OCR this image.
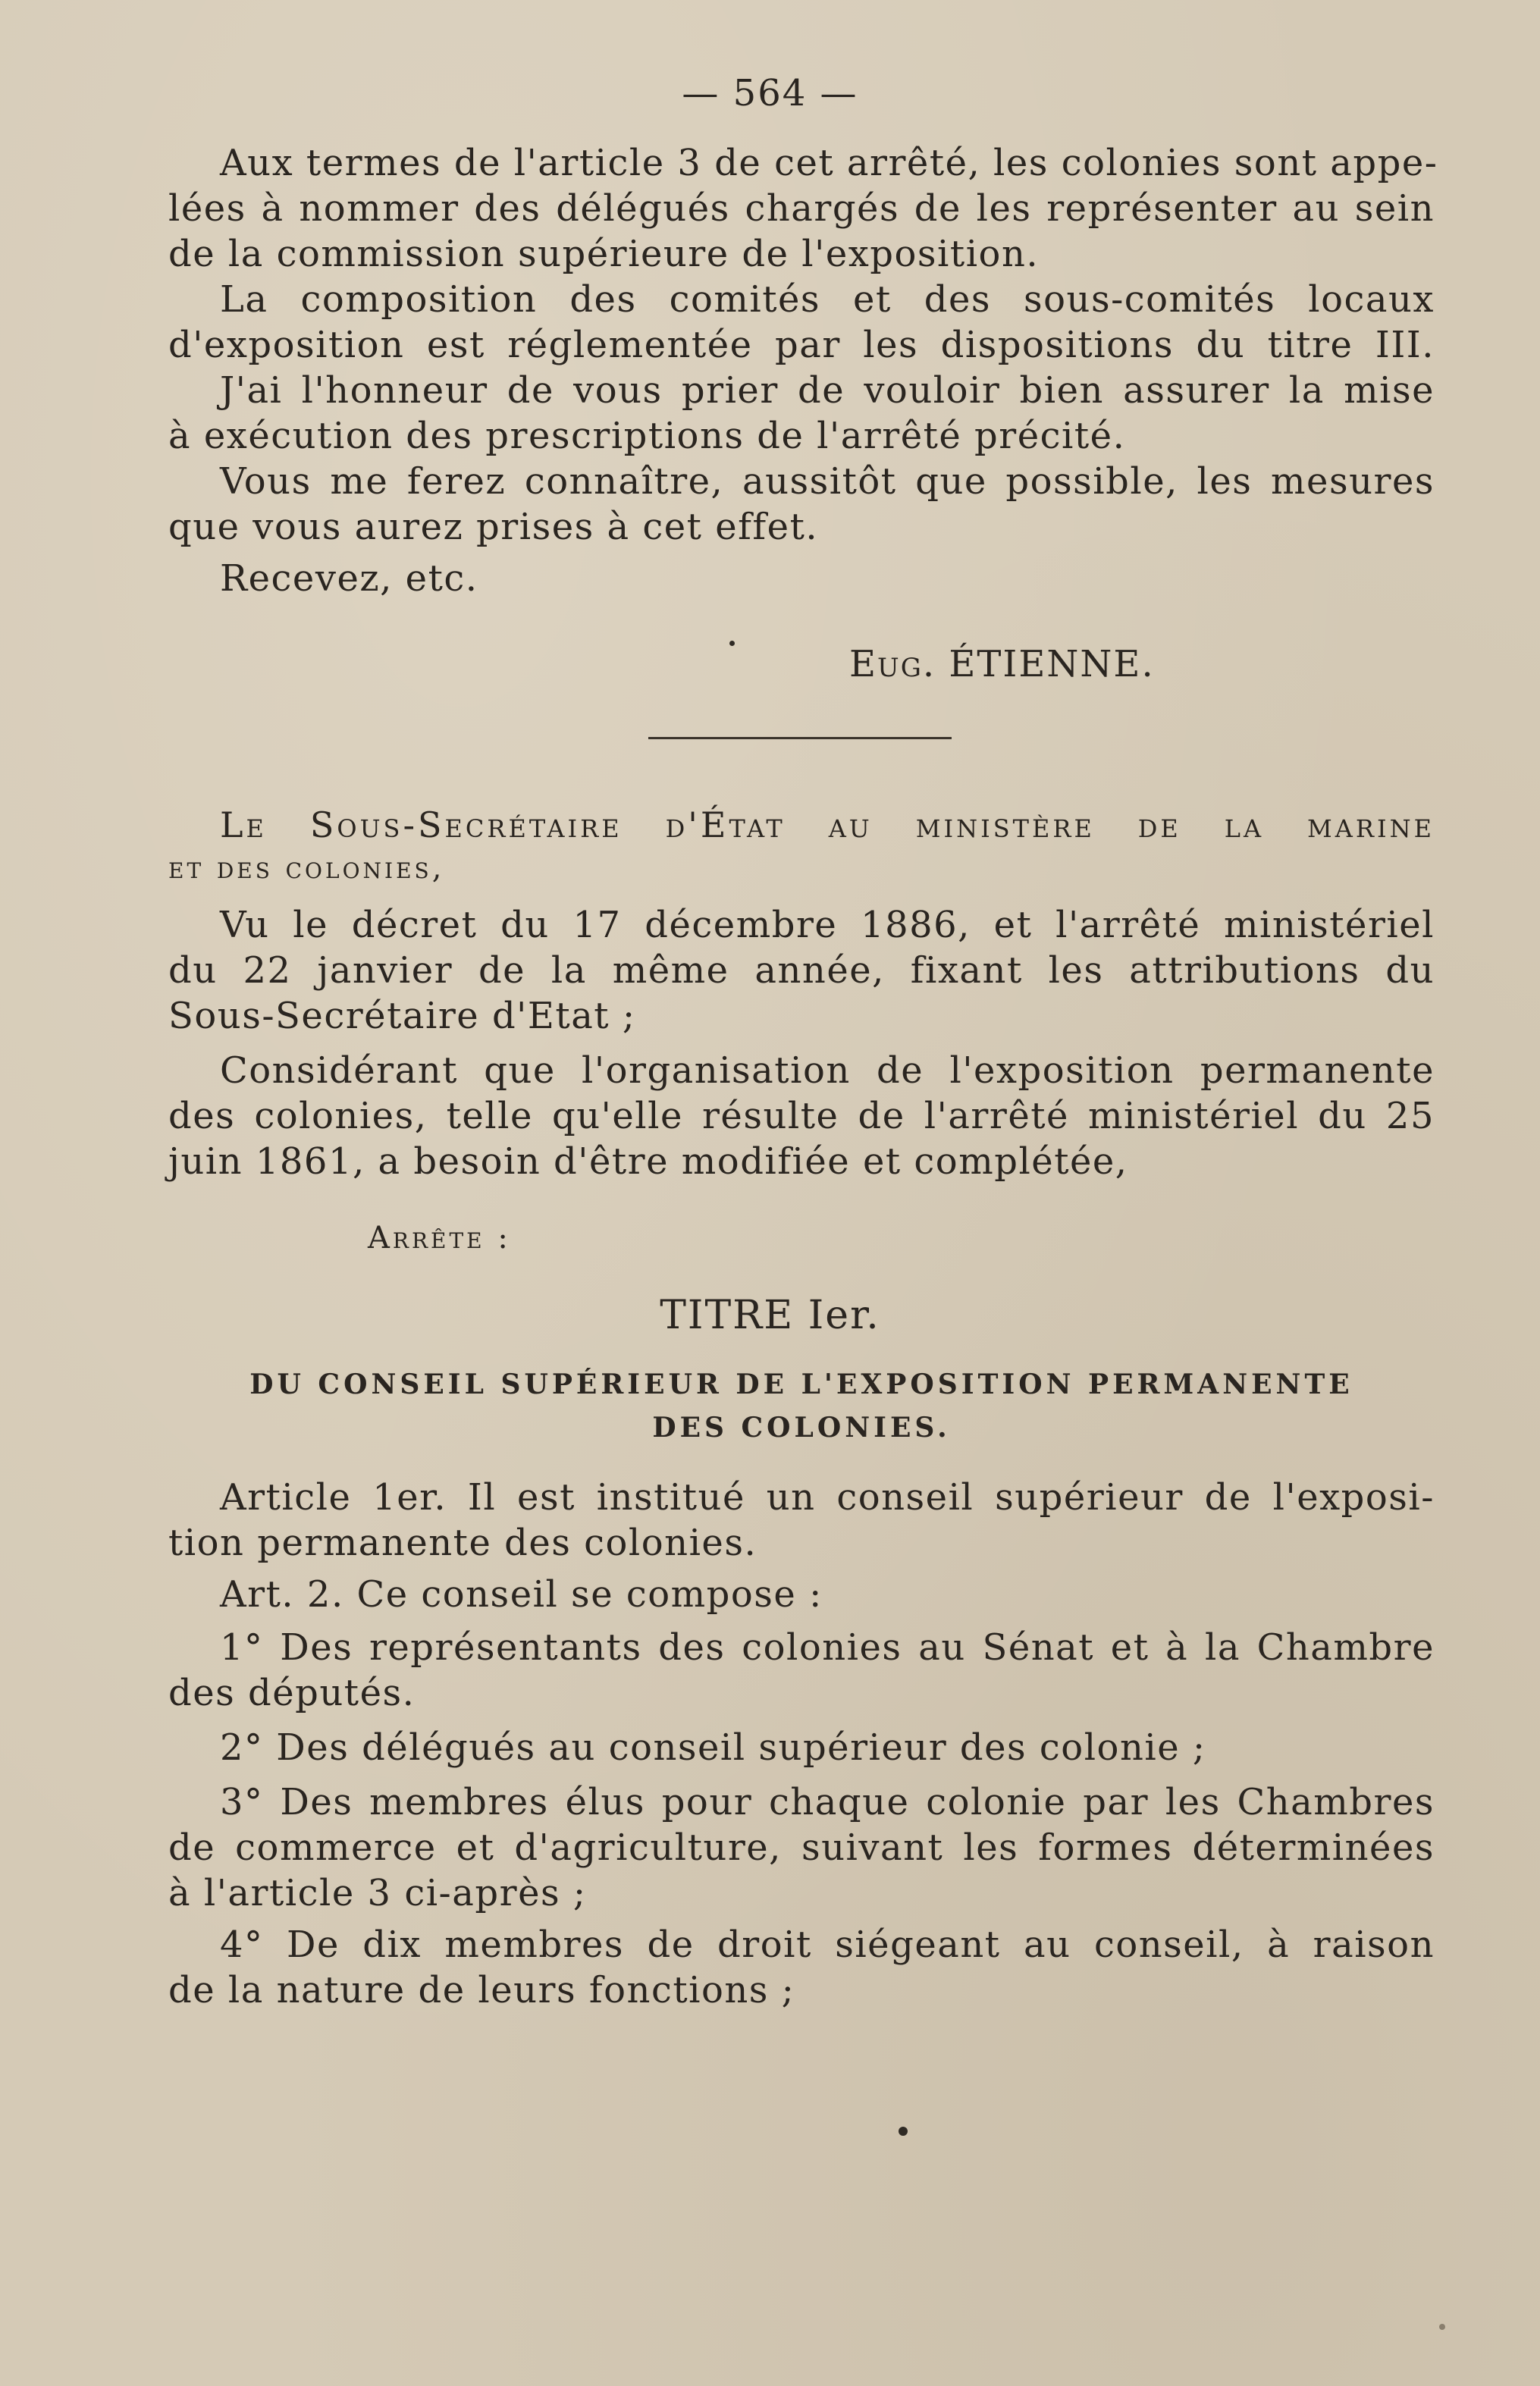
— 564 —
Aux termes de l'article 3 de cet arrêté, les colonies sont appe-
lées à nommer des délégués chargés de les représenter au sein
de la commission supérieure de l'exposition.
La composition des comités et des sous-comités locaux
d'exposition est réglementée par les dispositions du titre III.
J'ai l'honneur de vous prier de vouloir bien assurer la mise
à exécution des prescriptions de l'arrêté précité.
Vous me ferez connaître, aussitôt que possible, les mesures
que vous aurez prises à cet effet.
Recevez, etc.
Eug. ÉTIENNE.
Le Sous-Secrétaire d'État au ministère de la marine
et des colonies,
Vu le décret du 17 décembre 1886, et l'arrêté ministériel
du 22 janvier de la même année, fixant les attributions du
Sous-Secrétaire d'Etat ;
Considérant que l'organisation de l'exposition permanente
des colonies, telle qu'elle résulte de l'arrêté ministériel du 25
juin 1861, a besoin d'être modifiée et complétée,
Arrête :
TITRE Ier.
DU CONSEIL SUPÉRIEUR DE L'EXPOSITION PERMANENTE
DES COLONIES.
Article 1er. Il est institué un conseil supérieur de l'exposi-
tion permanente des colonies.
Art. 2. Ce conseil se compose :
1° Des représentants des colonies au Sénat et à la Chambre
des députés.
2° Des délégués au conseil supérieur des colonie ;
3° Des membres élus pour chaque colonie par les Chambres
de commerce et d'agriculture, suivant les formes déterminées
à l'article 3 ci-après ;
4° De dix membres de droit siégeant au conseil, à raison
de la nature de leurs fonctions ;
